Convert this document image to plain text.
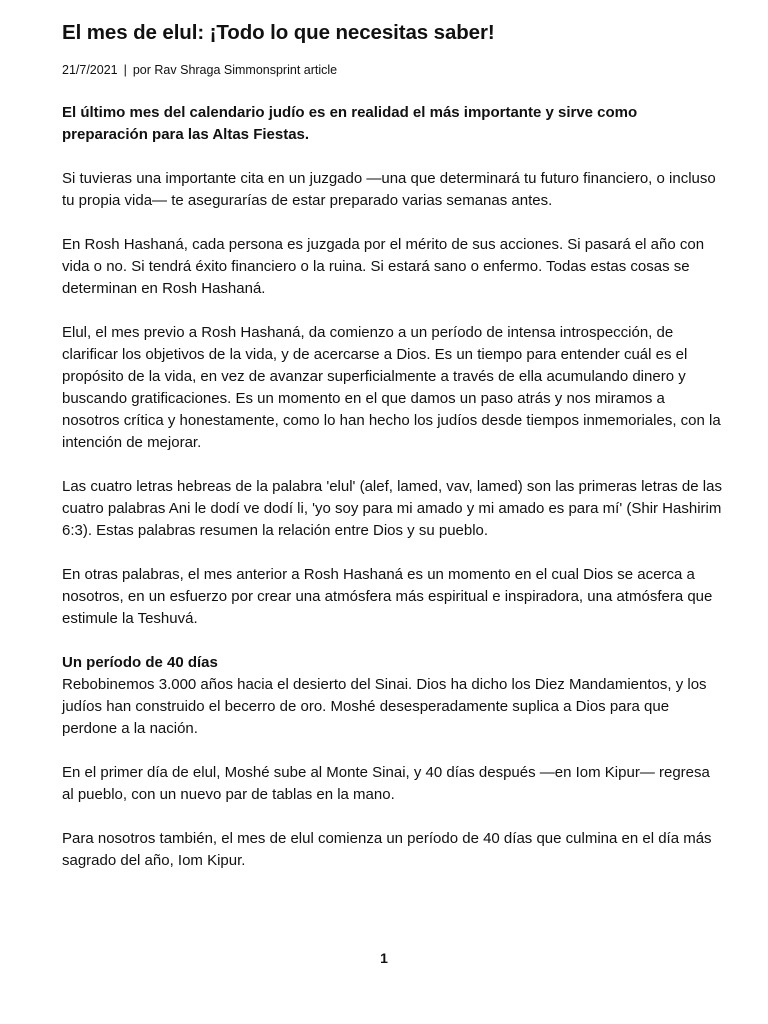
El mes de elul: ¡Todo lo que necesitas saber!
21/7/2021 | por Rav Shraga Simmonsprint article

El último mes del calendario judío es en realidad el más importante y sirve como preparación para las Altas Fiestas.

Si tuvieras una importante cita en un juzgado —una que determinará tu futuro financiero, o incluso tu propia vida— te asegurarías de estar preparado varias semanas antes.

En Rosh Hashaná, cada persona es juzgada por el mérito de sus acciones. Si pasará el año con vida o no. Si tendrá éxito financiero o la ruina. Si estará sano o enfermo. Todas estas cosas se determinan en Rosh Hashaná.

Elul, el mes previo a Rosh Hashaná, da comienzo a un período de intensa introspección, de clarificar los objetivos de la vida, y de acercarse a Dios. Es un tiempo para entender cuál es el propósito de la vida, en vez de avanzar superficialmente a través de ella acumulando dinero y buscando gratificaciones. Es un momento en el que damos un paso atrás y nos miramos a nosotros crítica y honestamente, como lo han hecho los judíos desde tiempos inmemoriales, con la intención de mejorar.

Las cuatro letras hebreas de la palabra 'elul' (alef, lamed, vav, lamed) son las primeras letras de las cuatro palabras Ani le dodí ve dodí li, 'yo soy para mi amado y mi amado es para mí' (Shir Hashirim 6:3). Estas palabras resumen la relación entre Dios y su pueblo.

En otras palabras, el mes anterior a Rosh Hashaná es un momento en el cual Dios se acerca a nosotros, en un esfuerzo por crear una atmósfera más espiritual e inspiradora, una atmósfera que estimule la Teshuvá.

Un período de 40 días

Rebobinemos 3.000 años hacia el desierto del Sinai. Dios ha dicho los Diez Mandamientos, y los judíos han construido el becerro de oro. Moshé desesperadamente suplica a Dios para que perdone a la nación.

En el primer día de elul, Moshé sube al Monte Sinai, y 40 días después —en Iom Kipur— regresa al pueblo, con un nuevo par de tablas en la mano.

Para nosotros también, el mes de elul comienza un período de 40 días que culmina en el día más sagrado del año, Iom Kipur.

1
